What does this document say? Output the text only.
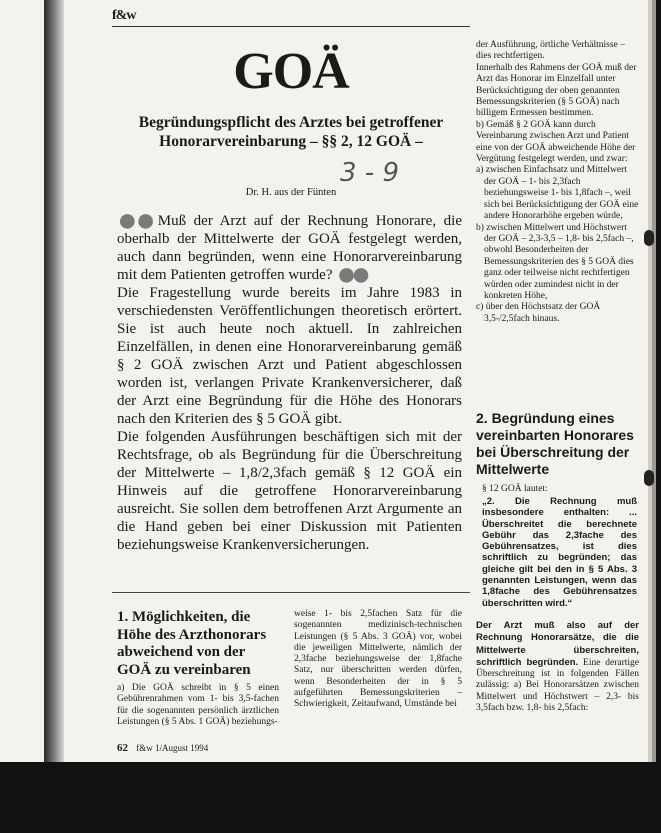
f&w
GOÄ
Begründungspflicht des Arztes bei getroffener Honorarvereinbarung – §§ 2, 12 GOÄ –
3 - 9
Dr. H. aus der Fünten

●● Muß der Arzt auf der Rechnung Honorare, die oberhalb der Mittelwerte der GOÄ festgelegt werden, auch dann begründen, wenn eine Honorarvereinbarung mit dem Patienten getroffen wurde? ●●

Die Fragestellung wurde bereits im Jahre 1983 in verschiedensten Veröffentlichungen theoretisch erörtert. Sie ist auch heute noch aktuell. In zahlreichen Einzelfällen, in denen eine Honorarvereinbarung gemäß § 2 GOÄ zwischen Arzt und Patient abgeschlossen worden ist, verlangen Private Krankenversicherer, daß der Arzt eine Begründung für die Höhe des Honorars nach den Kriterien des § 5 GOÄ gibt.

Die folgenden Ausführungen beschäftigen sich mit der Rechtsfrage, ob als Begründung für die Überschreitung der Mittelwerte – 1,8/2,3fach gemäß § 12 GOÄ ein Hinweis auf die getroffene Honorarvereinbarung ausreicht. Sie sollen dem betroffenen Arzt Argumente an die Hand geben bei einer Diskussion mit Patienten beziehungsweise Krankenversicherungen.

1. Möglichkeiten, die Höhe des Arzthonorars abweichend von der GOÄ zu vereinbaren
a) Die GOÄ schreibt in § 5 einen Gebührenrahmen vom 1- bis 3,5-fachen für die sogenannten persönlich ärztlichen Leistungen (§ 5 Abs. 1 GOÄ) beziehungs-
weise 1- bis 2,5fachen Satz für die sogenannten medizinisch-technischen Leistungen (§ 5 Abs. 3 GOÄ) vor, wobei die jeweiligen Mittelwerte, nämlich der 2,3fache beziehungsweise der 1,8fache Satz, nur überschritten werden dürfen, wenn Besonderheiten der in § 5 aufgeführten Bemessungskriterien – Schwierigkeit, Zeitaufwand, Umstände bei

der Ausführung, örtliche Verhältnisse – dies rechtfertigen.

Innerhalb des Rahmens der GOÄ muß der Arzt das Honorar im Einzelfall unter Berücksichtigung der oben genannten Bemessungskriterien (§ 5 GOÄ) nach billigem Ermessen bestimmen.

b) Gemäß § 2 GOÄ kann durch Vereinbarung zwischen Arzt und Patient eine von der GOÄ abweichende Höhe der Vergütung festgelegt werden, und zwar:

a) zwischen Einfachsatz und Mittelwert der GOÄ – 1- bis 2,3fach beziehungsweise 1- bis 1,8fach –, weil sich bei Berücksichtigung der GOÄ eine andere Honorarhöhe ergeben würde,

b) zwischen Mittelwert und Höchstwert der GOÄ – 2,3-3,5 – 1,8- bis 2,5fach –, obwohl Besonderheiten der Bemessungskriterien des § 5 GOÄ dies ganz oder teilweise nicht rechtfertigen würden oder zumindest nicht in der konkreten Höhe,

c) über den Höchstsatz der GOÄ 3,5-/2,5fach hinaus.

2. Begründung eines vereinbarten Honorares bei Überschreitung der Mittelwerte
§ 12 GOÄ lautet:
„2. Die Rechnung muß insbesondere enthalten: ... Überschreitet die berechnete Gebühr das 2,3fache des Gebührensatzes, ist dies schriftlich zu begründen; das gleiche gilt bei den in § 5 Abs. 3 genannten Leistungen, wenn das 1,8fache des Gebührensatzes überschritten wird.“
Der Arzt muß also auf der Rechnung Honorarsätze, die die Mittelwerte überschreiten, schriftlich begründen. Eine derartige Überschreitung ist in folgenden Fällen zulässig: a) Bei Honorarsätzen zwischen Mittelwert und Höchstwert – 2,3- bis 3,5fach bzw. 1,8- bis 2,5fach:
62 f&w 1/August 1994
